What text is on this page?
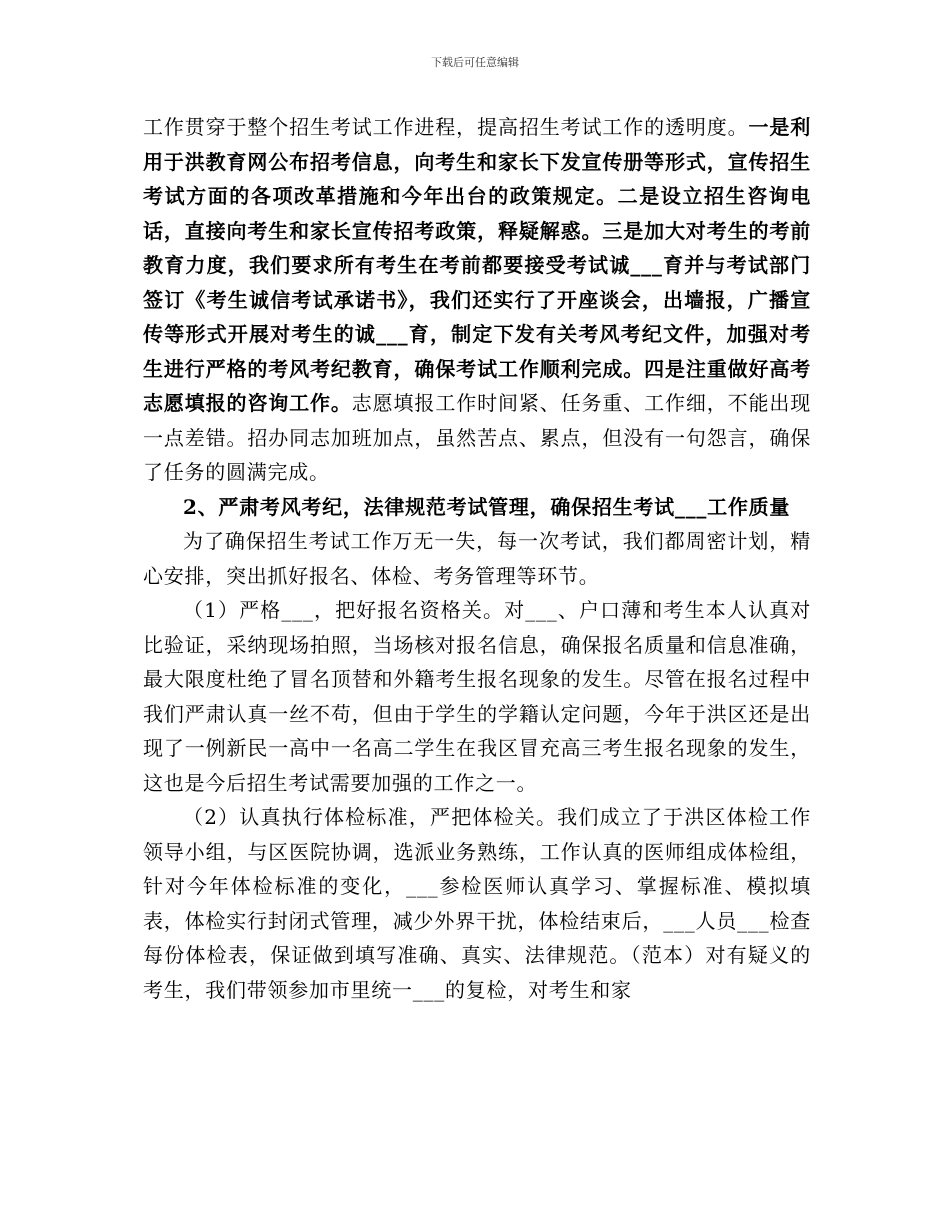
下载后可任意编辑

工作贯穿于整个招生考试工作进程，提高招生考试工作的透明度。一是利用于洪教育网公布招考信息，向考生和家长下发宣传册等形式，宣传招生考试方面的各项改革措施和今年出台的政策规定。二是设立招生咨询电话，直接向考生和家长宣传招考政策，释疑解惑。三是加大对考生的考前教育力度，我们要求所有考生在考前都要接受考试诚___育并与考试部门签订《考生诚信考试承诺书》，我们还实行了开座谈会，出墙报，广播宣传等形式开展对考生的诚___育，制定下发有关考风考纪文件，加强对考生进行严格的考风考纪教育，确保考试工作顺利完成。四是注重做好高考志愿填报的咨询工作。志愿填报工作时间紧、任务重、工作细，不能出现一点差错。招办同志加班加点，虽然苦点、累点，但没有一句怨言，确保了任务的圆满完成。

2、严肃考风考纪，法律规范考试管理，确保招生考试___工作质量

为了确保招生考试工作万无一失，每一次考试，我们都周密计划，精心安排，突出抓好报名、体检、考务管理等环节。

（1）严格___，把好报名资格关。对___、户口薄和考生本人认真对比验证，采纳现场拍照，当场核对报名信息，确保报名质量和信息准确，最大限度杜绝了冒名顶替和外籍考生报名现象的发生。尽管在报名过程中我们严肃认真一丝不苟，但由于学生的学籍认定问题，今年于洪区还是出现了一例新民一高中一名高二学生在我区冒充高三考生报名现象的发生，这也是今后招生考试需要加强的工作之一。

（2）认真执行体检标准，严把体检关。我们成立了于洪区体检工作领导小组，与区医院协调，选派业务熟练，工作认真的医师组成体检组，针对今年体检标准的变化，___参检医师认真学习、掌握标准、模拟填表，体检实行封闭式管理，减少外界干扰，体检结束后，___人员___检查每份体检表，保证做到填写准确、真实、法律规范。（范本）对有疑义的考生，我们带领参加市里统一___的复检，对考生和家
